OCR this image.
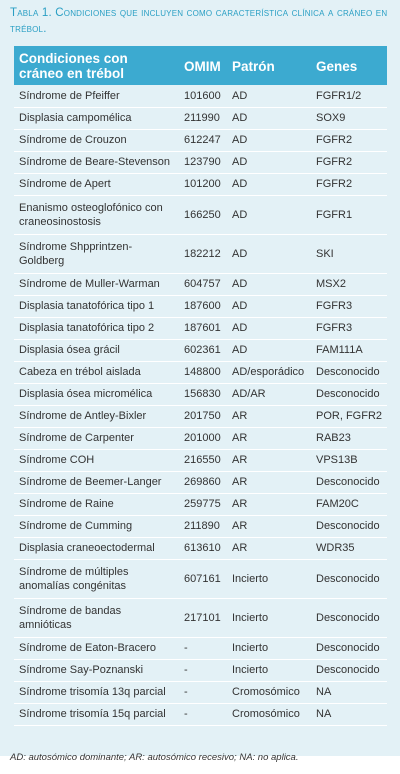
Tabla 1. Condiciones que incluyen como característica clínica a cráneo en trébol.
Condiciones con cráneo en trébol	OMIM	Patrón	Genes
Síndrome de Pfeiffer	101600	AD	FGFR1/2
Displasia campomélica	211990	AD	SOX9
Síndrome de Crouzon	612247	AD	FGFR2
Síndrome de Beare-Stevenson	123790	AD	FGFR2
Síndrome de Apert	101200	AD	FGFR2
Enanismo osteoglofónico con craneosinostosis	166250	AD	FGFR1
Síndrome Shpprintzen-Goldberg	182212	AD	SKI
Síndrome de Muller-Warman	604757	AD	MSX2
Displasia tanatofórica tipo 1	187600	AD	FGFR3
Displasia tanatofórica tipo 2	187601	AD	FGFR3
Displasia ósea grácil	602361	AD	FAM111A
Cabeza en trébol aislada	148800	AD/esporádico	Desconocido
Displasia ósea micromélica	156830	AD/AR	Desconocido
Síndrome de Antley-Bixler	201750	AR	POR, FGFR2
Síndrome de Carpenter	201000	AR	RAB23
Síndrome COH	216550	AR	VPS13B
Síndrome de Beemer-Langer	269860	AR	Desconocido
Síndrome de Raine	259775	AR	FAM20C
Síndrome de Cumming	211890	AR	Desconocido
Displasia craneoectodermal	613610	AR	WDR35
Síndrome de múltiples anomalías congénitas	607161	Incierto	Desconocido
Síndrome de bandas amnióticas	217101	Incierto	Desconocido
Síndrome de Eaton-Bracero	-	Incierto	Desconocido
Síndrome Say-Poznanski	-	Incierto	Desconocido
Síndrome trisomía 13q parcial	-	Cromosómico	NA
Síndrome trisomía 15q parcial	-	Cromosómico	NA
AD: autosómico dominante; AR: autosómico recesivo; NA: no aplica.
